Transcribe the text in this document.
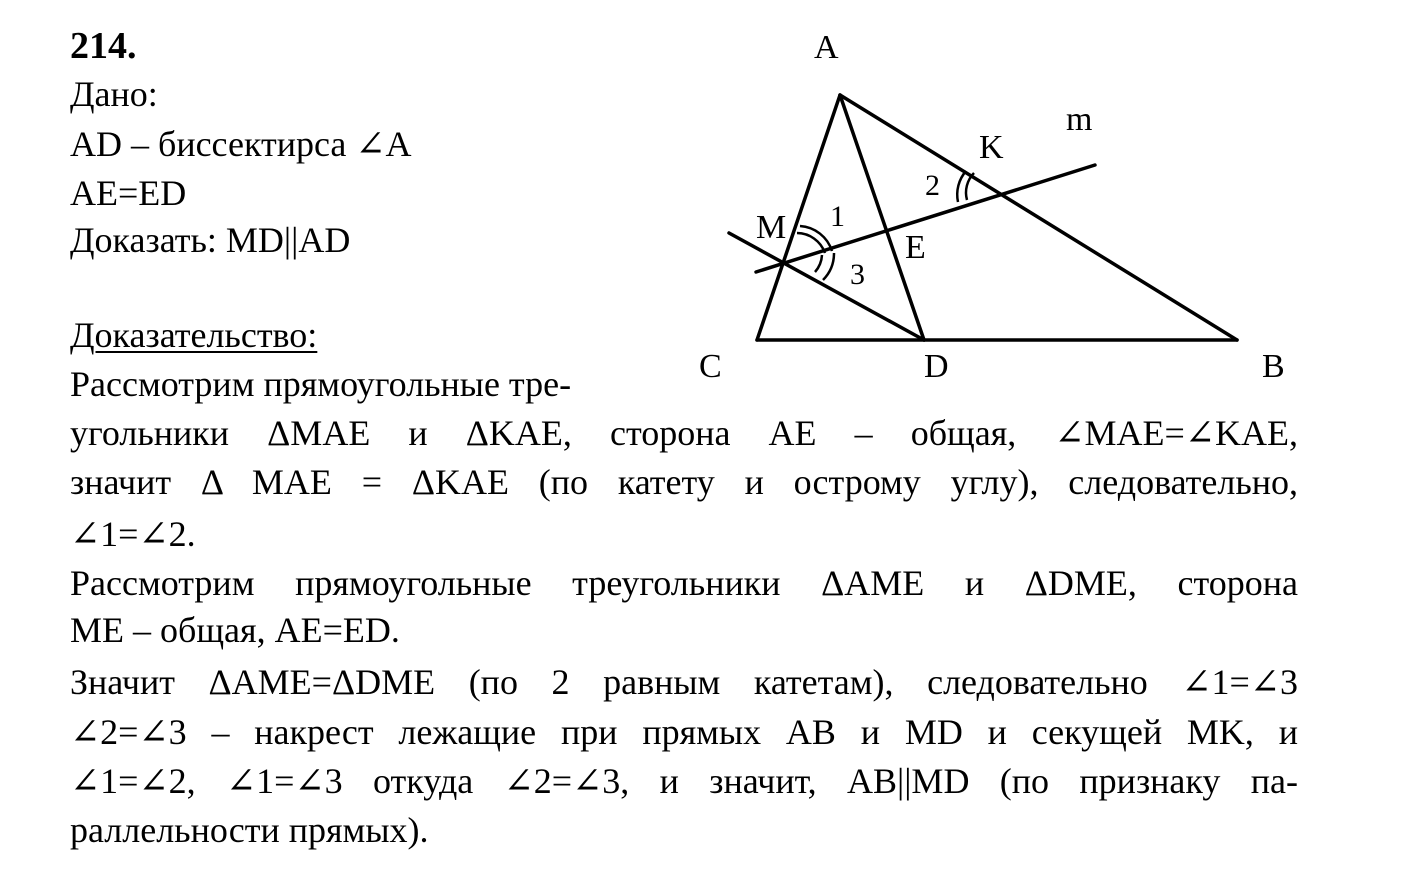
214.
Дано:
AD – биссектирса ∠A
AE=ED
Доказать: MD||AD
Доказательство:
Рассмотрим прямоугольные тре-
угольники ΔMAE и ΔKAE, сторона AE – общая, ∠MAE=∠KAE,
значит Δ MAE = ΔKAE (по катету и острому углу), следовательно,
∠1=∠2.
Рассмотрим прямоугольные треугольники ΔAME и ΔDME, сторона
ME – общая, AE=ED.
Значит ΔAME=ΔDME (по 2 равным катетам), следовательно ∠1=∠3
∠2=∠3 – накрест лежащие при прямых AB и MD и секущей MK, и
∠1=∠2, ∠1=∠3 откуда ∠2=∠3, и значит, AB||MD (по признаку па-
раллельности прямых).
A
B
C	D
E
K
M
m
1
2
3
